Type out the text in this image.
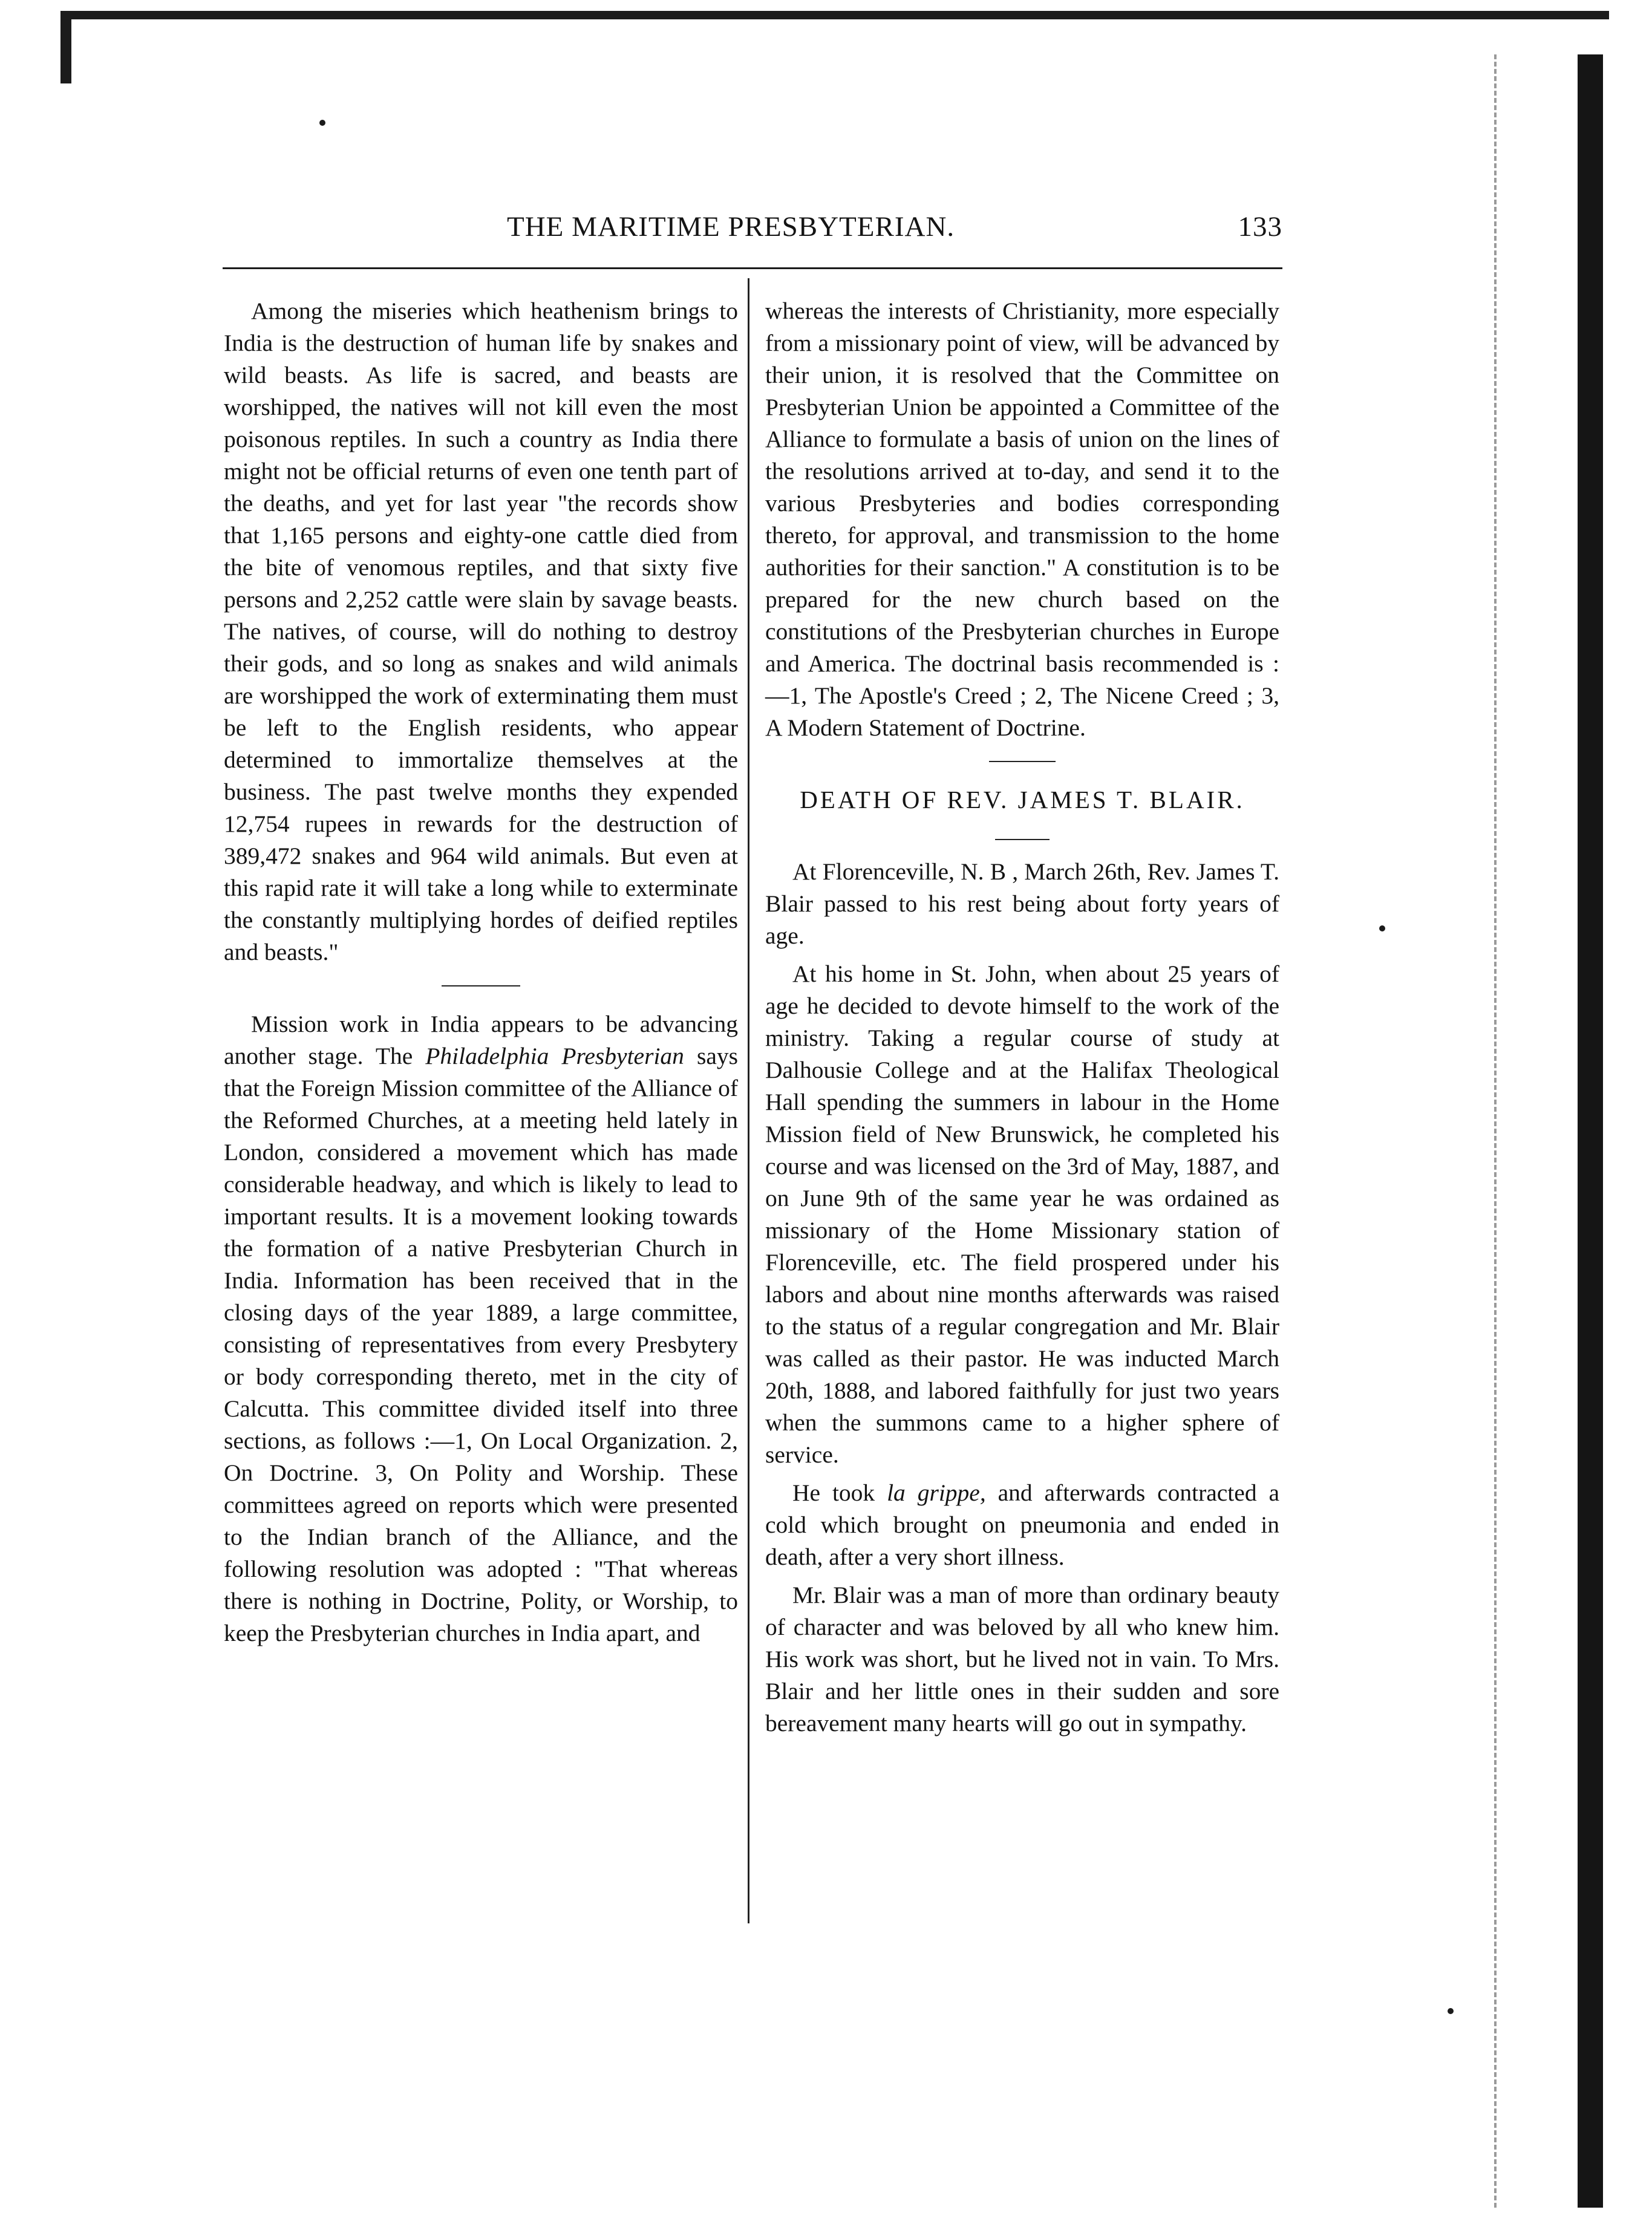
THE MARITIME PRESBYTERIAN.	133

Among the miseries which heathenism brings to India is the destruction of human life by snakes and wild beasts. As life is sacred, and beasts are worshipped, the natives will not kill even the most poisonous reptiles. In such a country as India there might not be official returns of even one tenth part of the deaths, and yet for last year "the records show that 1,165 persons and eighty-one cattle died from the bite of venomous reptiles, and that sixty five persons and 2,252 cattle were slain by savage beasts. The natives, of course, will do nothing to destroy their gods, and so long as snakes and wild animals are worshipped the work of exterminating them must be left to the English residents, who appear determined to immortalize themselves at the business. The past twelve months they expended 12,754 rupees in rewards for the destruction of 389,472 snakes and 964 wild animals. But even at this rapid rate it will take a long while to exterminate the constantly multiplying hordes of deified reptiles and beasts."

Mission work in India appears to be advancing another stage. The Philadelphia Presbyterian says that the Foreign Mission committee of the Alliance of the Reformed Churches, at a meeting held lately in London, considered a movement which has made considerable headway, and which is likely to lead to important results. It is a movement looking towards the formation of a native Presbyterian Church in India. Information has been received that in the closing days of the year 1889, a large committee, consisting of representatives from every Presbytery or body corresponding thereto, met in the city of Calcutta. This committee divided itself into three sections, as follows :—1, On Local Organization. 2, On Doctrine. 3, On Polity and Worship. These committees agreed on reports which were presented to the Indian branch of the Alliance, and the following resolution was adopted : "That whereas there is nothing in Doctrine, Polity, or Worship, to keep the Presbyterian churches in India apart, and

whereas the interests of Christianity, more especially from a missionary point of view, will be advanced by their union, it is resolved that the Committee on Presbyterian Union be appointed a Committee of the Alliance to formulate a basis of union on the lines of the resolutions arrived at to-day, and send it to the various Presbyteries and bodies corresponding thereto, for approval, and transmission to the home authorities for their sanction." A constitution is to be prepared for the new church based on the constitutions of the Presbyterian churches in Europe and America. The doctrinal basis recommended is :—1, The Apostle's Creed ; 2, The Nicene Creed ; 3, A Modern Statement of Doctrine.

DEATH OF REV. JAMES T. BLAIR.

At Florenceville, N. B , March 26th, Rev. James T. Blair passed to his rest being about forty years of age.

At his home in St. John, when about 25 years of age he decided to devote himself to the work of the ministry. Taking a regular course of study at Dalhousie College and at the Halifax Theological Hall spending the summers in labour in the Home Mission field of New Brunswick, he completed his course and was licensed on the 3rd of May, 1887, and on June 9th of the same year he was ordained as missionary of the Home Missionary station of Florenceville, etc. The field prospered under his labors and about nine months afterwards was raised to the status of a regular congregation and Mr. Blair was called as their pastor. He was inducted March 20th, 1888, and labored faithfully for just two years when the summons came to a higher sphere of service.

He took la grippe, and afterwards contracted a cold which brought on pneumonia and ended in death, after a very short illness.

Mr. Blair was a man of more than ordinary beauty of character and was beloved by all who knew him. His work was short, but he lived not in vain. To Mrs. Blair and her little ones in their sudden and sore bereavement many hearts will go out in sympathy.
